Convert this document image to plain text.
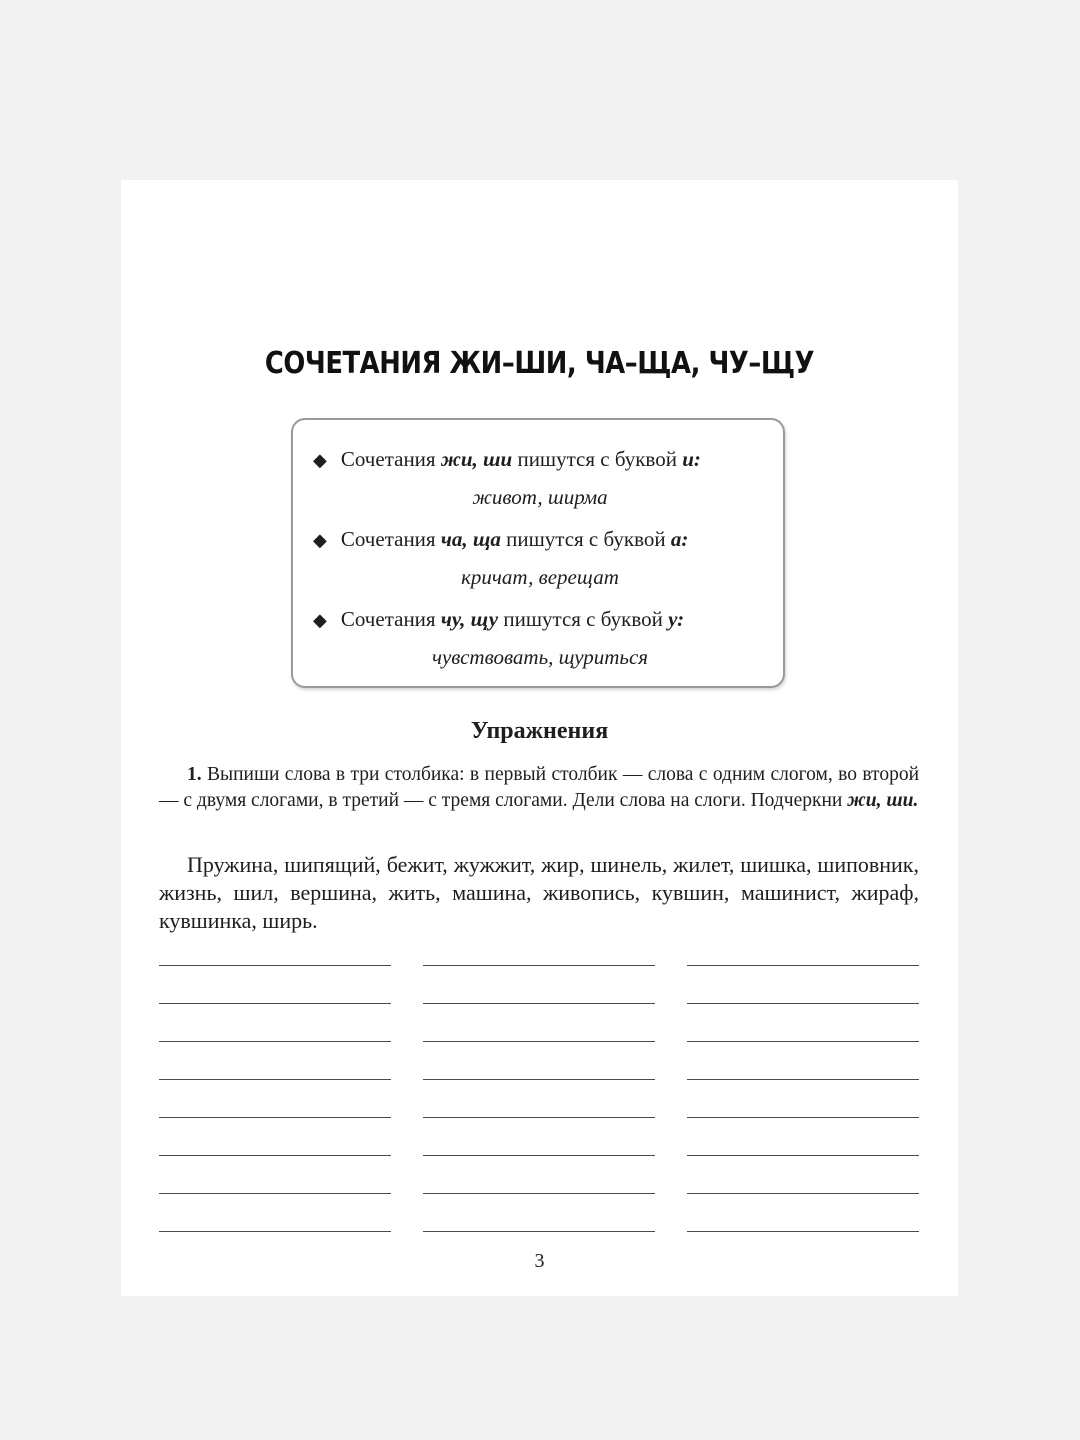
СОЧЕТАНИЯ ЖИ–ШИ, ЧА–ЩА, ЧУ–ЩУ
◆ Сочетания жи, ши пишутся с буквой и:
живот, ширма
◆ Сочетания ча, ща пишутся с буквой а:
кричат, верещат
◆ Сочетания чу, щу пишутся с буквой у:
чувствовать, щуриться
Упражнения

1. Выпиши слова в три столбика: в первый столбик — слова с одним слогом, во второй — с двумя слогами, в третий — с тремя слогами. Дели слова на слоги. Подчеркни жи, ши.

Пружина, шипящий, бежит, жужжит, жир, шинель, жилет, шишка, шиповник, жизнь, шил, вершина, жить, машина, живопись, кувшин, машинист, жираф, кувшинка, ширь.

3
